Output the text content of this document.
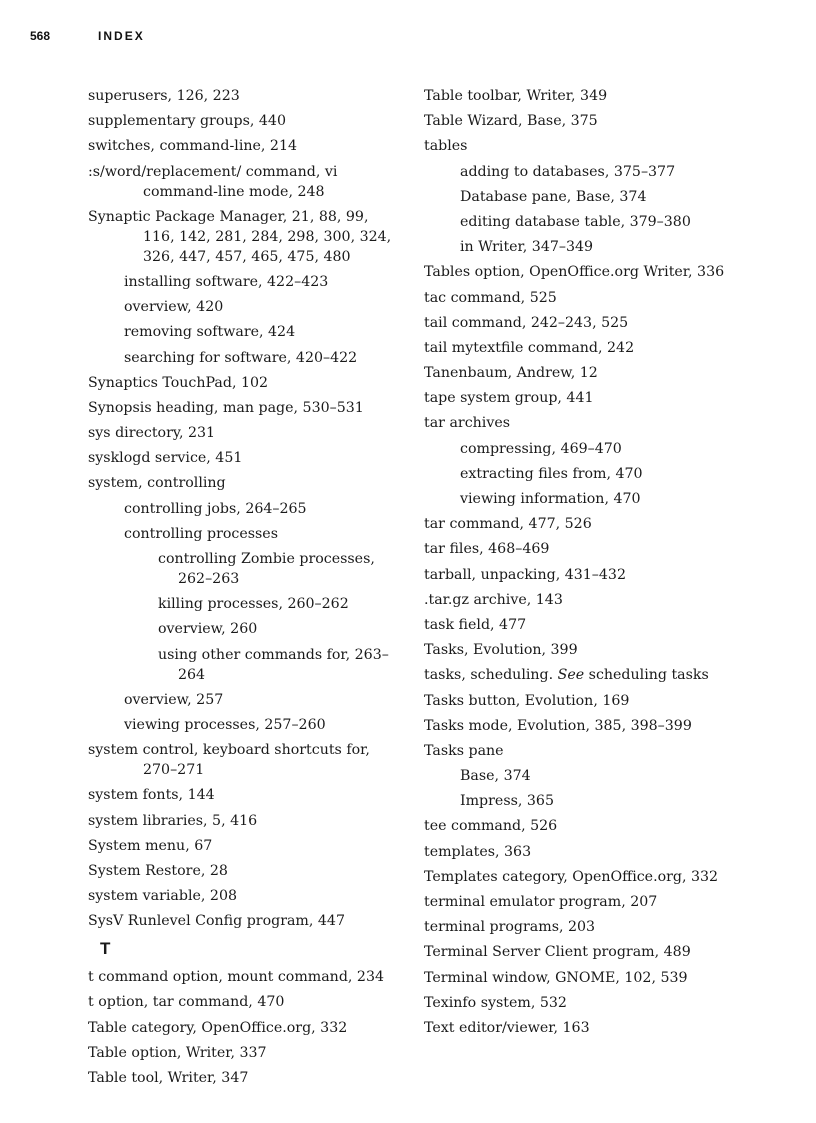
568	INDEX
superusers, 126, 223
supplementary groups, 440
switches, command-line, 214
:s/word/replacement/ command, vi command-line mode, 248
Synaptic Package Manager, 21, 88, 99, 116, 142, 281, 284, 298, 300, 324, 326, 447, 457, 465, 475, 480
installing software, 422–423
overview, 420
removing software, 424
searching for software, 420–422
Synaptics TouchPad, 102
Synopsis heading, man page, 530–531
sys directory, 231
sysklogd service, 451
system, controlling
controlling jobs, 264–265
controlling processes
controlling Zombie processes, 262–263
killing processes, 260–262
overview, 260
using other commands for, 263–264
overview, 257
viewing processes, 257–260
system control, keyboard shortcuts for, 270–271
system fonts, 144
system libraries, 5, 416
System menu, 67
System Restore, 28
system variable, 208
SysV Runlevel Config program, 447
T
t command option, mount command, 234
t option, tar command, 470
Table category, OpenOffice.org, 332
Table option, Writer, 337
Table tool, Writer, 347
Table toolbar, Writer, 349
Table Wizard, Base, 375
tables
adding to databases, 375–377
Database pane, Base, 374
editing database table, 379–380
in Writer, 347–349
Tables option, OpenOffice.org Writer, 336
tac command, 525
tail command, 242–243, 525
tail mytextfile command, 242
Tanenbaum, Andrew, 12
tape system group, 441
tar archives
compressing, 469–470
extracting files from, 470
viewing information, 470
tar command, 477, 526
tar files, 468–469
tarball, unpacking, 431–432
.tar.gz archive, 143
task field, 477
Tasks, Evolution, 399
tasks, scheduling. See scheduling tasks
Tasks button, Evolution, 169
Tasks mode, Evolution, 385, 398–399
Tasks pane
Base, 374
Impress, 365
tee command, 526
templates, 363
Templates category, OpenOffice.org, 332
terminal emulator program, 207
terminal programs, 203
Terminal Server Client program, 489
Terminal window, GNOME, 102, 539
Texinfo system, 532
Text editor/viewer, 163
